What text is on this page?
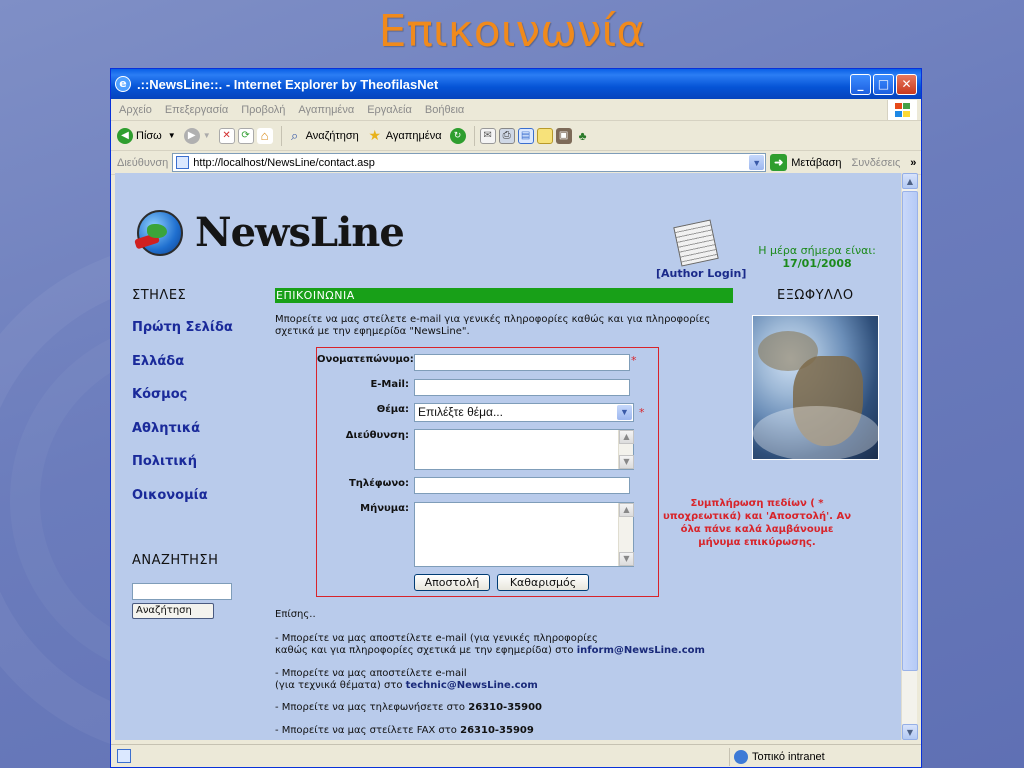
Επικοινωνία
e .::NewsLine::. - Internet Explorer by TheofilasNet	_	□	✕
Αρχείο Επεξεργασία Προβολή Αγαπημένα Εργαλεία Βοήθεια
◀ Πίσω ▼	▶ ▼	✕	⟳ ⌂	⌕ Αναζήτηση ★ Αγαπημένα	↻	✉	⎙	▤	▣ ♣
Διεύθυνση http://localhost/NewsLine/contact.asp	▼	➜ Μετάβαση Συνδέσεις »
NewsLine
[Author Login]
Η μέρα σήμερα είναι:
17/01/2008
ΣΤΗΛΕΣ
Πρώτη Σελίδα
Ελλάδα
Κόσμος
Αθλητικά
Πολιτική
Οικονομία
ΑΝΑΖΗΤΗΣΗ
Αναζήτηση
ΕΠΙΚΟΙΝΩΝΙΑ
Μπορείτε να μας στείλετε e-mail για γενικές πληροφορίες καθώς και για πληροφορίες σχετικά με την εφημερίδα "NewsLine".
Ονοματεπώνυμο:	*
E-Mail:
Θέμα: Επιλέξτε θέμα...	▼ *
Διεύθυνση:	▲
▼
Τηλέφωνο:
Μήνυμα:	▲
▼
Αποστολή	Καθαρισμός
Συμπλήρωση πεδίων ( * υποχρεωτικά) και 'Αποστολή'. Αν όλα πάνε καλά λαμβάνουμε μήνυμα επικύρωσης.
ΕΞΩΦΥΛΛΟ
Επίσης..
- Μπορείτε να μας αποστείλετε e-mail (για γενικές πληροφορίες
καθώς και για πληροφορίες σχετικά με την εφημερίδα) στο inform@NewsLine.com
- Μπορείτε να μας αποστείλετε e-mail
(για τεχνικά θέματα) στο technic@NewsLine.com
- Μπορείτε να μας τηλεφωνήσετε στο 26310-35900
- Μπορείτε να μας στείλετε FAX στο 26310-35909
▲
▼
Τοπικό intranet
